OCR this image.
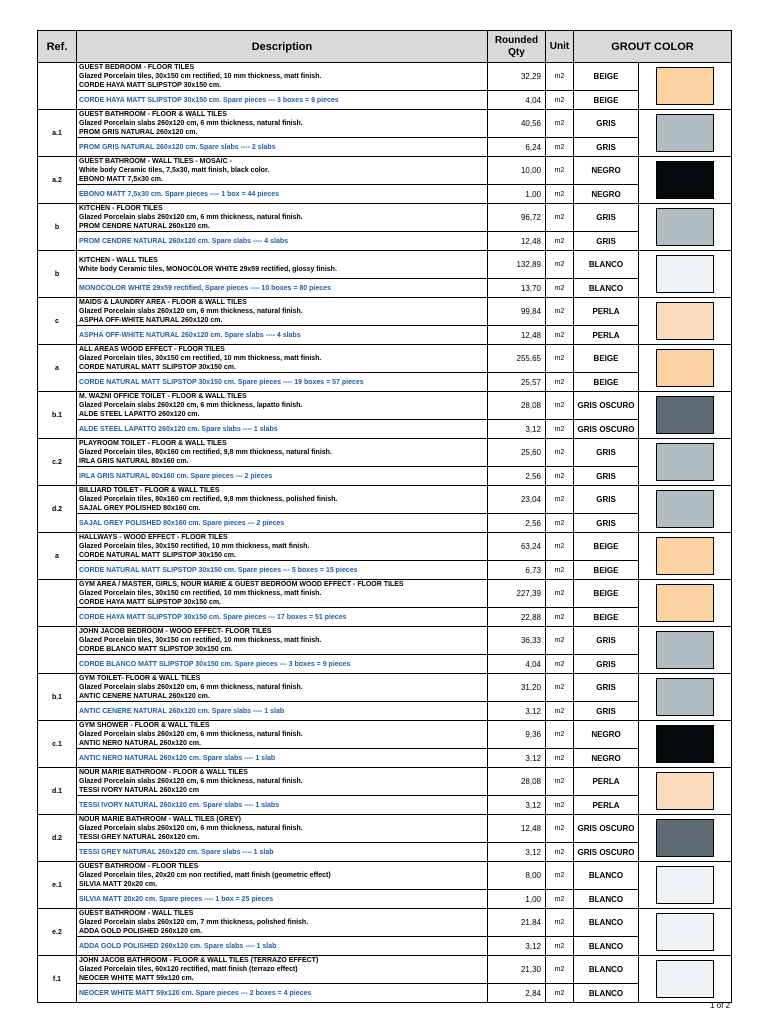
Ref.	Description	Rounded Qty	Unit	GROUT COLOR	

	GUEST BEDROOM - FLOOR TILES
Glazed Porcelain tiles, 30x150 cm rectified, 10 mm thickness, matt finish.
CORDE HAYA MATT SLIPSTOP 30x150 cm.	32,29	m2	BEIGE	

	CORDE HAYA MATT SLIPSTOP 30x150 cm. Spare pieces --- 3 boxes = 9 pieces	4,04	m2	BEIGE	
a.1	GUEST BATHROOM - FLOOR & WALL TILES
Glazed Porcelain slabs 260x120 cm, 6 mm thickness, natural finish.
PROM GRIS NATURAL 260x120 cm.	40,56	m2	GRIS	

	PROM GRIS NATURAL 260x120 cm. Spare slabs ---- 2 slabs	6,24	m2	GRIS	
a.2	GUEST BATHROOM - WALL TILES - MOSAIC -
White body Ceramic tiles, 7,5x30, matt finish, black color.
EBONO MATT 7,5x30 cm.	10,00	m2	NEGRO	

	EBONO MATT 7,5x30 cm. Spare pieces ---- 1 box = 44 pieces	1,00	m2	NEGRO	
b	KITCHEN - FLOOR TILES
Glazed Porcelain slabs 260x120 cm, 6 mm thickness, natural finish.
PROM CENDRE NATURAL 260x120 cm.	96,72	m2	GRIS	

	PROM CENDRE NATURAL 260x120 cm. Spare slabs ---- 4 slabs	12,48	m2	GRIS	
b	KITCHEN - WALL TILES
White body Ceramic tiles, MONOCOLOR WHITE 29x59 rectified, glossy finish.	132,89	m2	BLANCO	

	MONOCOLOR WHITE 29x59 rectified, Spare pieces ---- 10 boxes = 80 pieces	13,70	m2	BLANCO	
c	MAIDS & LAUNDRY AREA - FLOOR & WALL TILES
Glazed Porcelain slabs 260x120 cm, 6 mm thickness, natural finish.
ASPHA OFF-WHITE NATURAL 260x120 cm.	99,84	m2	PERLA	

	ASPHA OFF-WHITE NATURAL 260x120 cm. Spare slabs ---- 4 slabs	12,48	m2	PERLA	
a	ALL AREAS WOOD EFFECT - FLOOR TILES
Glazed Porcelain tiles, 30x150 cm rectified, 10 mm thickness, matt finish.
CORDE NATURAL MATT SLIPSTOP 30x150 cm.	255,65	m2	BEIGE	

	CORDE NATURAL MATT SLIPSTOP 30x150 cm. Spare pieces ---- 19 boxes = 57 pieces	25,57	m2	BEIGE	
b.1	M. WAZNI OFFICE TOILET - FLOOR & WALL TILES
Glazed Porcelain slabs 260x120 cm, 6 mm thickness, lapatto finish.
ALDE STEEL LAPATTO 260x120 cm.	28,08	m2	GRIS OSCURO	

	ALDE STEEL LAPATTO 260x120 cm. Spare slabs ---- 1 slabs	3,12	m2	GRIS OSCURO	
c.2	PLAYROOM TOILET - FLOOR & WALL TILES
Glazed Porcelain tiles, 80x160 cm rectified, 9,8 mm thickness, natural finish.
IRLA GRIS NATURAL 80x160 cm.	25,60	m2	GRIS	

	IRLA GRIS NATURAL 80x160 cm. Spare pieces --- 2 pieces	2,56	m2	GRIS	
d.2	BILLIARD TOILET - FLOOR & WALL TILES
Glazed Porcelain tiles, 80x160 cm rectified, 9,8 mm thickness, polished finish.
SAJAL GREY POLISHED 80x160 cm.	23,04	m2	GRIS	

	SAJAL GREY POLISHED 80x160 cm. Spare pieces --- 2 pieces	2,56	m2	GRIS	
a	HALLWAYS - WOOD EFFECT - FLOOR TILES
Glazed Porcelain tiles, 30x150 rectified, 10 mm thickness, matt finish.
CORDE NATURAL MATT SLIPSTOP 30x150 cm.	63,24	m2	BEIGE	

	CORDE NATURAL MATT SLIPSTOP 30x150 cm. Spare pieces --- 5 boxes = 15 pieces	6,73	m2	BEIGE	

	GYM AREA / MASTER, GIRLS, NOUR MARIE & GUEST BEDROOM WOOD EFFECT - FLOOR TILES
Glazed Porcelain tiles, 30x150 cm rectified, 10 mm thickness, matt finish.
CORDE HAYA MATT SLIPSTOP 30x150 cm.	227,39	m2	BEIGE	

	CORDE HAYA MATT SLIPSTOP 30x150 cm. Spare pieces --- 17 boxes = 51 pieces	22,88	m2	BEIGE	

	JOHN JACOB BEDROOM - WOOD EFFECT- FLOOR TILES
Glazed Porcelain tiles, 30x150 cm rectified, 10 mm thickness, matt finish.
CORDE BLANCO MATT SLIPSTOP 30x150 cm.	36,33	m2	GRIS	

	CORDE BLANCO MATT SLIPSTOP 30x150 cm. Spare pieces --- 3 boxes = 9 pieces	4,04	m2	GRIS	
b.1	GYM TOILET- FLOOR & WALL TILES
Glazed Porcelain slabs 260x120 cm, 6 mm thickness, natural finish.
ANTIC CENERE NATURAL 260x120 cm.	31,20	m2	GRIS	

	ANTIC CENERE NATURAL 260x120 cm. Spare slabs ---- 1 slab	3,12	m2	GRIS	
c.1	GYM SHOWER - FLOOR & WALL TILES
Glazed Porcelain slabs 260x120 cm, 6 mm thickness, natural finish.
ANTIC NERO NATURAL 260x120 cm.	9,36	m2	NEGRO	

	ANTIC NERO NATURAL 260x120 cm. Spare slabs ---- 1 slab	3,12	m2	NEGRO	
d.1	NOUR MARIE BATHROOM - FLOOR & WALL TILES
Glazed Porcelain slabs 260x120 cm, 6 mm thickness, natural finish.
TESSI IVORY NATURAL 260x120 cm	28,08	m2	PERLA	

	TESSI IVORY NATURAL 260x120 cm. Spare slabs ---- 1 slabs	3,12	m2	PERLA	
d.2	NOUR MARIE BATHROOM - WALL TILES (GREY)
Glazed Porcelain slabs 260x120 cm, 6 mm thickness, natural finish.
TESSI GREY NATURAL 260x120 cm.	12,48	m2	GRIS OSCURO	

	TESSI GREY NATURAL 260x120 cm. Spare slabs ---- 1 slab	3,12	m2	GRIS OSCURO	
e.1	GUEST BATHROOM - FLOOR TILES
Glazed Porcelain tiles, 20x20 cm non rectified, matt finish (geometric effect)
SILVIA MATT 20x20 cm.	8,00	m2	BLANCO	

	SILVIA MATT 20x20 cm. Spare pieces ---- 1 box = 25 pieces	1,00	m2	BLANCO	
e.2	GUEST BATHROOM - WALL TILES
Glazed Porcelain slabs 260x120 cm, 7 mm thickness, polished finish.
ADDA GOLD POLISHED 260x120 cm.	21,84	m2	BLANCO	

	ADDA GOLD POLISHED 260x120 cm. Spare slabs ---- 1 slab	3,12	m2	BLANCO	
f.1	JOHN JACOB BATHROOM - FLOOR & WALL TILES (TERRAZO EFFECT)
Glazed Porcelain tiles, 60x120 rectified, matt finish (terrazo effect)
NEOCER WHITE MATT 59x120 cm.	21,30	m2	BLANCO	

	NEOCER WHITE MATT 59x120 cm. Spare pieces --- 2 boxes = 4 pieces	2,84	m2	BLANCO	
1 of 2
